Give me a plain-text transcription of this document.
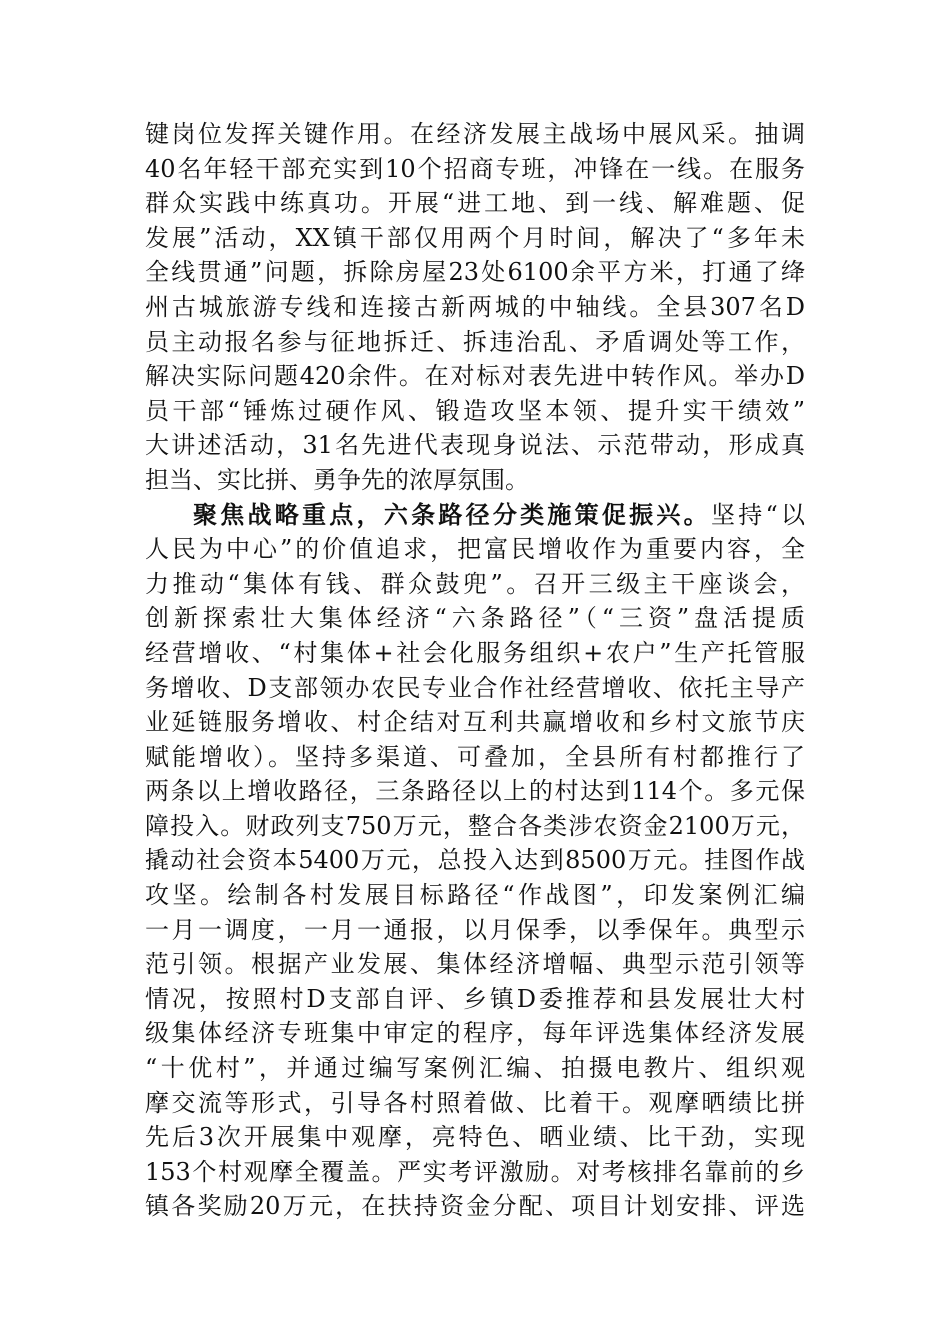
键岗位发挥关键作用。在经济发展主战场中展风采。抽调
40名年轻干部充实到10个招商专班，冲锋在一线。在服务
群众实践中练真功。开展“进工地、到一线、解难题、促
发展”活动，XX镇干部仅用两个月时间，解决了“多年未
全线贯通”问题，拆除房屋23处6100余平方米，打通了绛
州古城旅游专线和连接古新两城的中轴线。全县307名D
员主动报名参与征地拆迁、拆违治乱、矛盾调处等工作，
解决实际问题420余件。在对标对表先进中转作风。举办D
员干部“锤炼过硬作风、锻造攻坚本领、提升实干绩效”
大讲述活动，31名先进代表现身说法、示范带动，形成真
担当、实比拼、勇争先的浓厚氛围。
聚焦战略重点，六条路径分类施策促振兴。坚持“以
人民为中心”的价值追求，把富民增收作为重要内容，全
力推动“集体有钱、群众鼓兜”。召开三级主干座谈会，
创新探索壮大集体经济“六条路径”（“三资”盘活提质
经营增收、“村集体+社会化服务组织+农户”生产托管服
务增收、D支部领办农民专业合作社经营增收、依托主导产
业延链服务增收、村企结对互利共赢增收和乡村文旅节庆
赋能增收）。坚持多渠道、可叠加，全县所有村都推行了
两条以上增收路径，三条路径以上的村达到114个。多元保
障投入。财政列支750万元，整合各类涉农资金2100万元，
撬动社会资本5400万元，总投入达到8500万元。挂图作战
攻坚。绘制各村发展目标路径“作战图”，印发案例汇编
一月一调度，一月一通报，以月保季，以季保年。典型示
范引领。根据产业发展、集体经济增幅、典型示范引领等
情况，按照村D支部自评、乡镇D委推荐和县发展壮大村
级集体经济专班集中审定的程序，每年评选集体经济发展
“十优村”，并通过编写案例汇编、拍摄电教片、组织观
摩交流等形式，引导各村照着做、比着干。观摩晒绩比拼
先后3次开展集中观摩，亮特色、晒业绩、比干劲，实现
153个村观摩全覆盖。严实考评激励。对考核排名靠前的乡
镇各奖励20万元，在扶持资金分配、项目计划安排、评选
